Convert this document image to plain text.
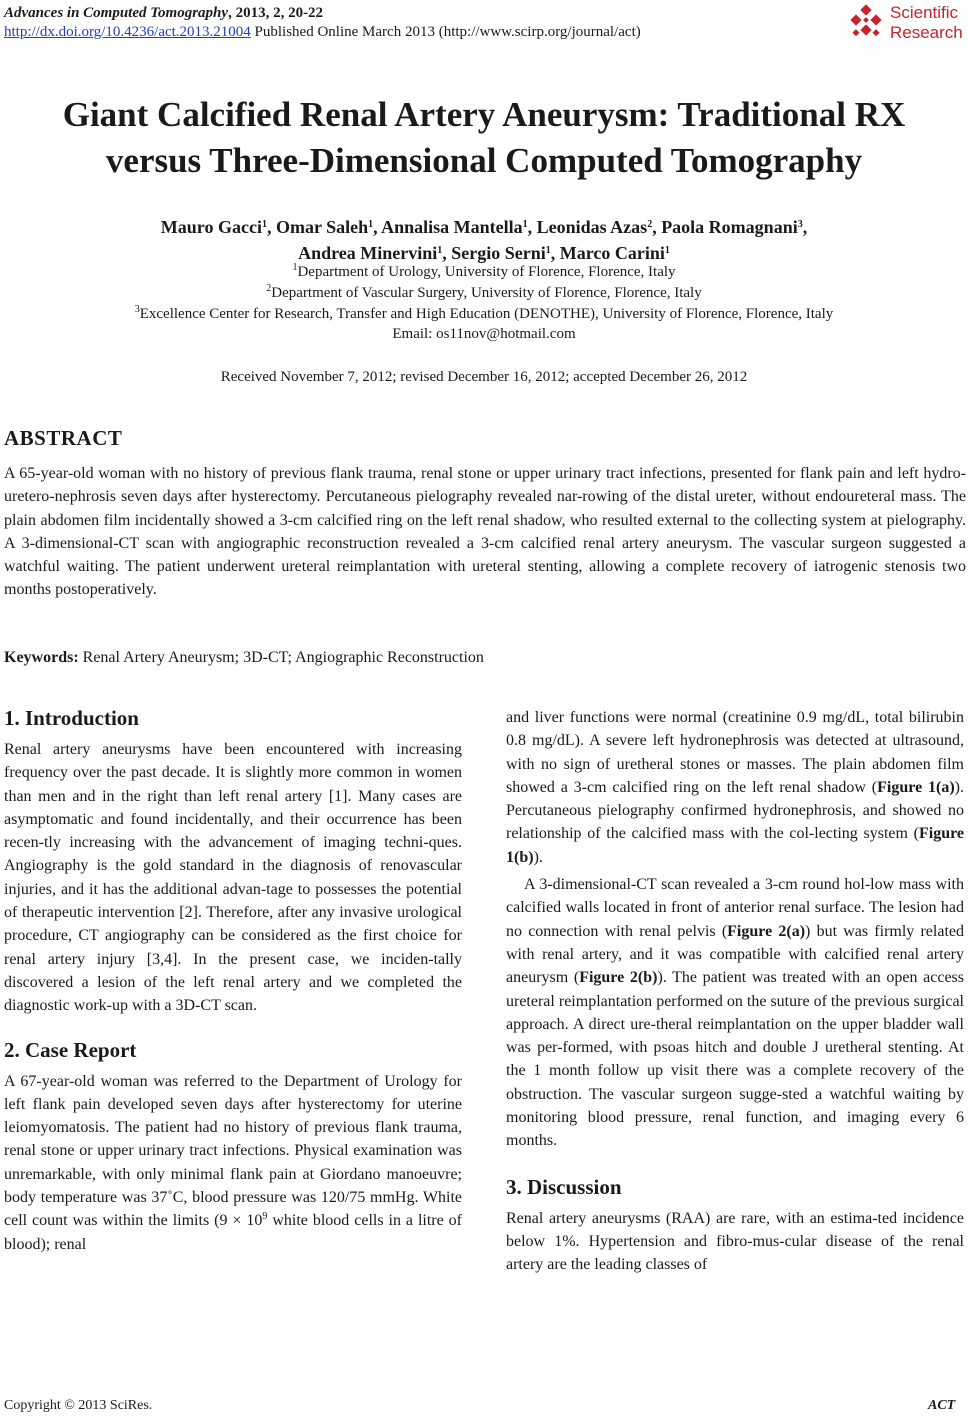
Advances in Computed Tomography, 2013, 2, 20-22
http://dx.doi.org/10.4236/act.2013.21004 Published Online March 2013 (http://www.scirp.org/journal/act)
Scientific
Research
Giant Calcified Renal Artery Aneurysm: Traditional RX
versus Three-Dimensional Computed Tomography
Mauro Gacci$^1$, Omar Saleh$^1$, Annalisa Mantella$^1$, Leonidas Azas$^2$, Paola Romagnani$^3$,
Andrea Minervini$^1$, Sergio Serni$^1$, Marco Carini$^1$
$^1$Department of Urology, University of Florence, Florence, Italy
$^2$Department of Vascular Surgery, University of Florence, Florence, Italy
$^3$Excellence Center for Research, Transfer and High Education (DENOTHE), University of Florence, Florence, Italy
Email: os11nov@hotmail.com
Received November 7, 2012; revised December 16, 2012; accepted December 26, 2012
ABSTRACT
A 65-year-old woman with no history of previous flank trauma, renal stone or upper urinary tract infections, presented for flank pain and left hydro-uretero-nephrosis seven days after hysterectomy. Percutaneous pielography revealed nar-rowing of the distal ureter, without endoureteral mass. The plain abdomen film incidentally showed a 3-cm calcified ring on the left renal shadow, who resulted external to the collecting system at pielography. A 3-dimensional-CT scan with angiographic reconstruction revealed a 3-cm calcified renal artery aneurysm. The vascular surgeon suggested a watchful waiting. The patient underwent ureteral reimplantation with ureteral stenting, allowing a complete recovery of iatrogenic stenosis two months postoperatively.
Keywords: Renal Artery Aneurysm; 3D-CT; Angiographic Reconstruction
1. Introduction

Renal artery aneurysms have been encountered with increasing frequency over the past decade. It is slightly more common in women than men and in the right than left renal artery [1]. Many cases are asymptomatic and found incidentally, and their occurrence has been recen-tly increasing with the advancement of imaging techni-ques. Angiography is the gold standard in the diagnosis of renovascular injuries, and it has the additional advan-tage to possesses the potential of therapeutic intervention [2]. Therefore, after any invasive urological procedure, CT angiography can be considered as the first choice for renal artery injury [3,4]. In the present case, we inciden-tally discovered a lesion of the left renal artery and we completed the diagnostic work-up with a 3D-CT scan.

2. Case Report

A 67-year-old woman was referred to the Department of Urology for left flank pain developed seven days after hysterectomy for uterine leiomyomatosis. The patient had no history of previous flank trauma, renal stone or upper urinary tract infections. Physical examination was unremarkable, with only minimal flank pain at Giordano manoeuvre; body temperature was 37˚C, blood pressure was 120/75 mmHg. White cell count was within the limits ($9 \times 10^9$ white blood cells in a litre of blood); renal

and liver functions were normal (creatinine 0.9 mg/dL, total bilirubin 0.8 mg/dL). A severe left hydronephrosis was detected at ultrasound, with no sign of uretheral stones or masses. The plain abdomen film showed a 3-cm calcified ring on the left renal shadow (Figure 1(a)). Percutaneous pielography confirmed hydronephrosis, and showed no relationship of the calcified mass with the col-lecting system (Figure 1(b)).

A 3-dimensional-CT scan revealed a 3-cm round hol-low mass with calcified walls located in front of anterior renal surface. The lesion had no connection with renal pelvis (Figure 2(a)) but was firmly related with renal artery, and it was compatible with calcified renal artery aneurysm (Figure 2(b)). The patient was treated with an open access ureteral reimplantation performed on the suture of the previous surgical approach. A direct ure-theral reimplantation on the upper bladder wall was per-formed, with psoas hitch and double J uretheral stenting. At the 1 month follow up visit there was a complete recovery of the obstruction. The vascular surgeon sugge-sted a watchful waiting by monitoring blood pressure, renal function, and imaging every 6 months.

3. Discussion

Renal artery aneurysms (RAA) are rare, with an estima-ted incidence below 1%. Hypertension and fibro-mus-cular disease of the renal artery are the leading classes of

Copyright © 2013 SciRes.	ACT
